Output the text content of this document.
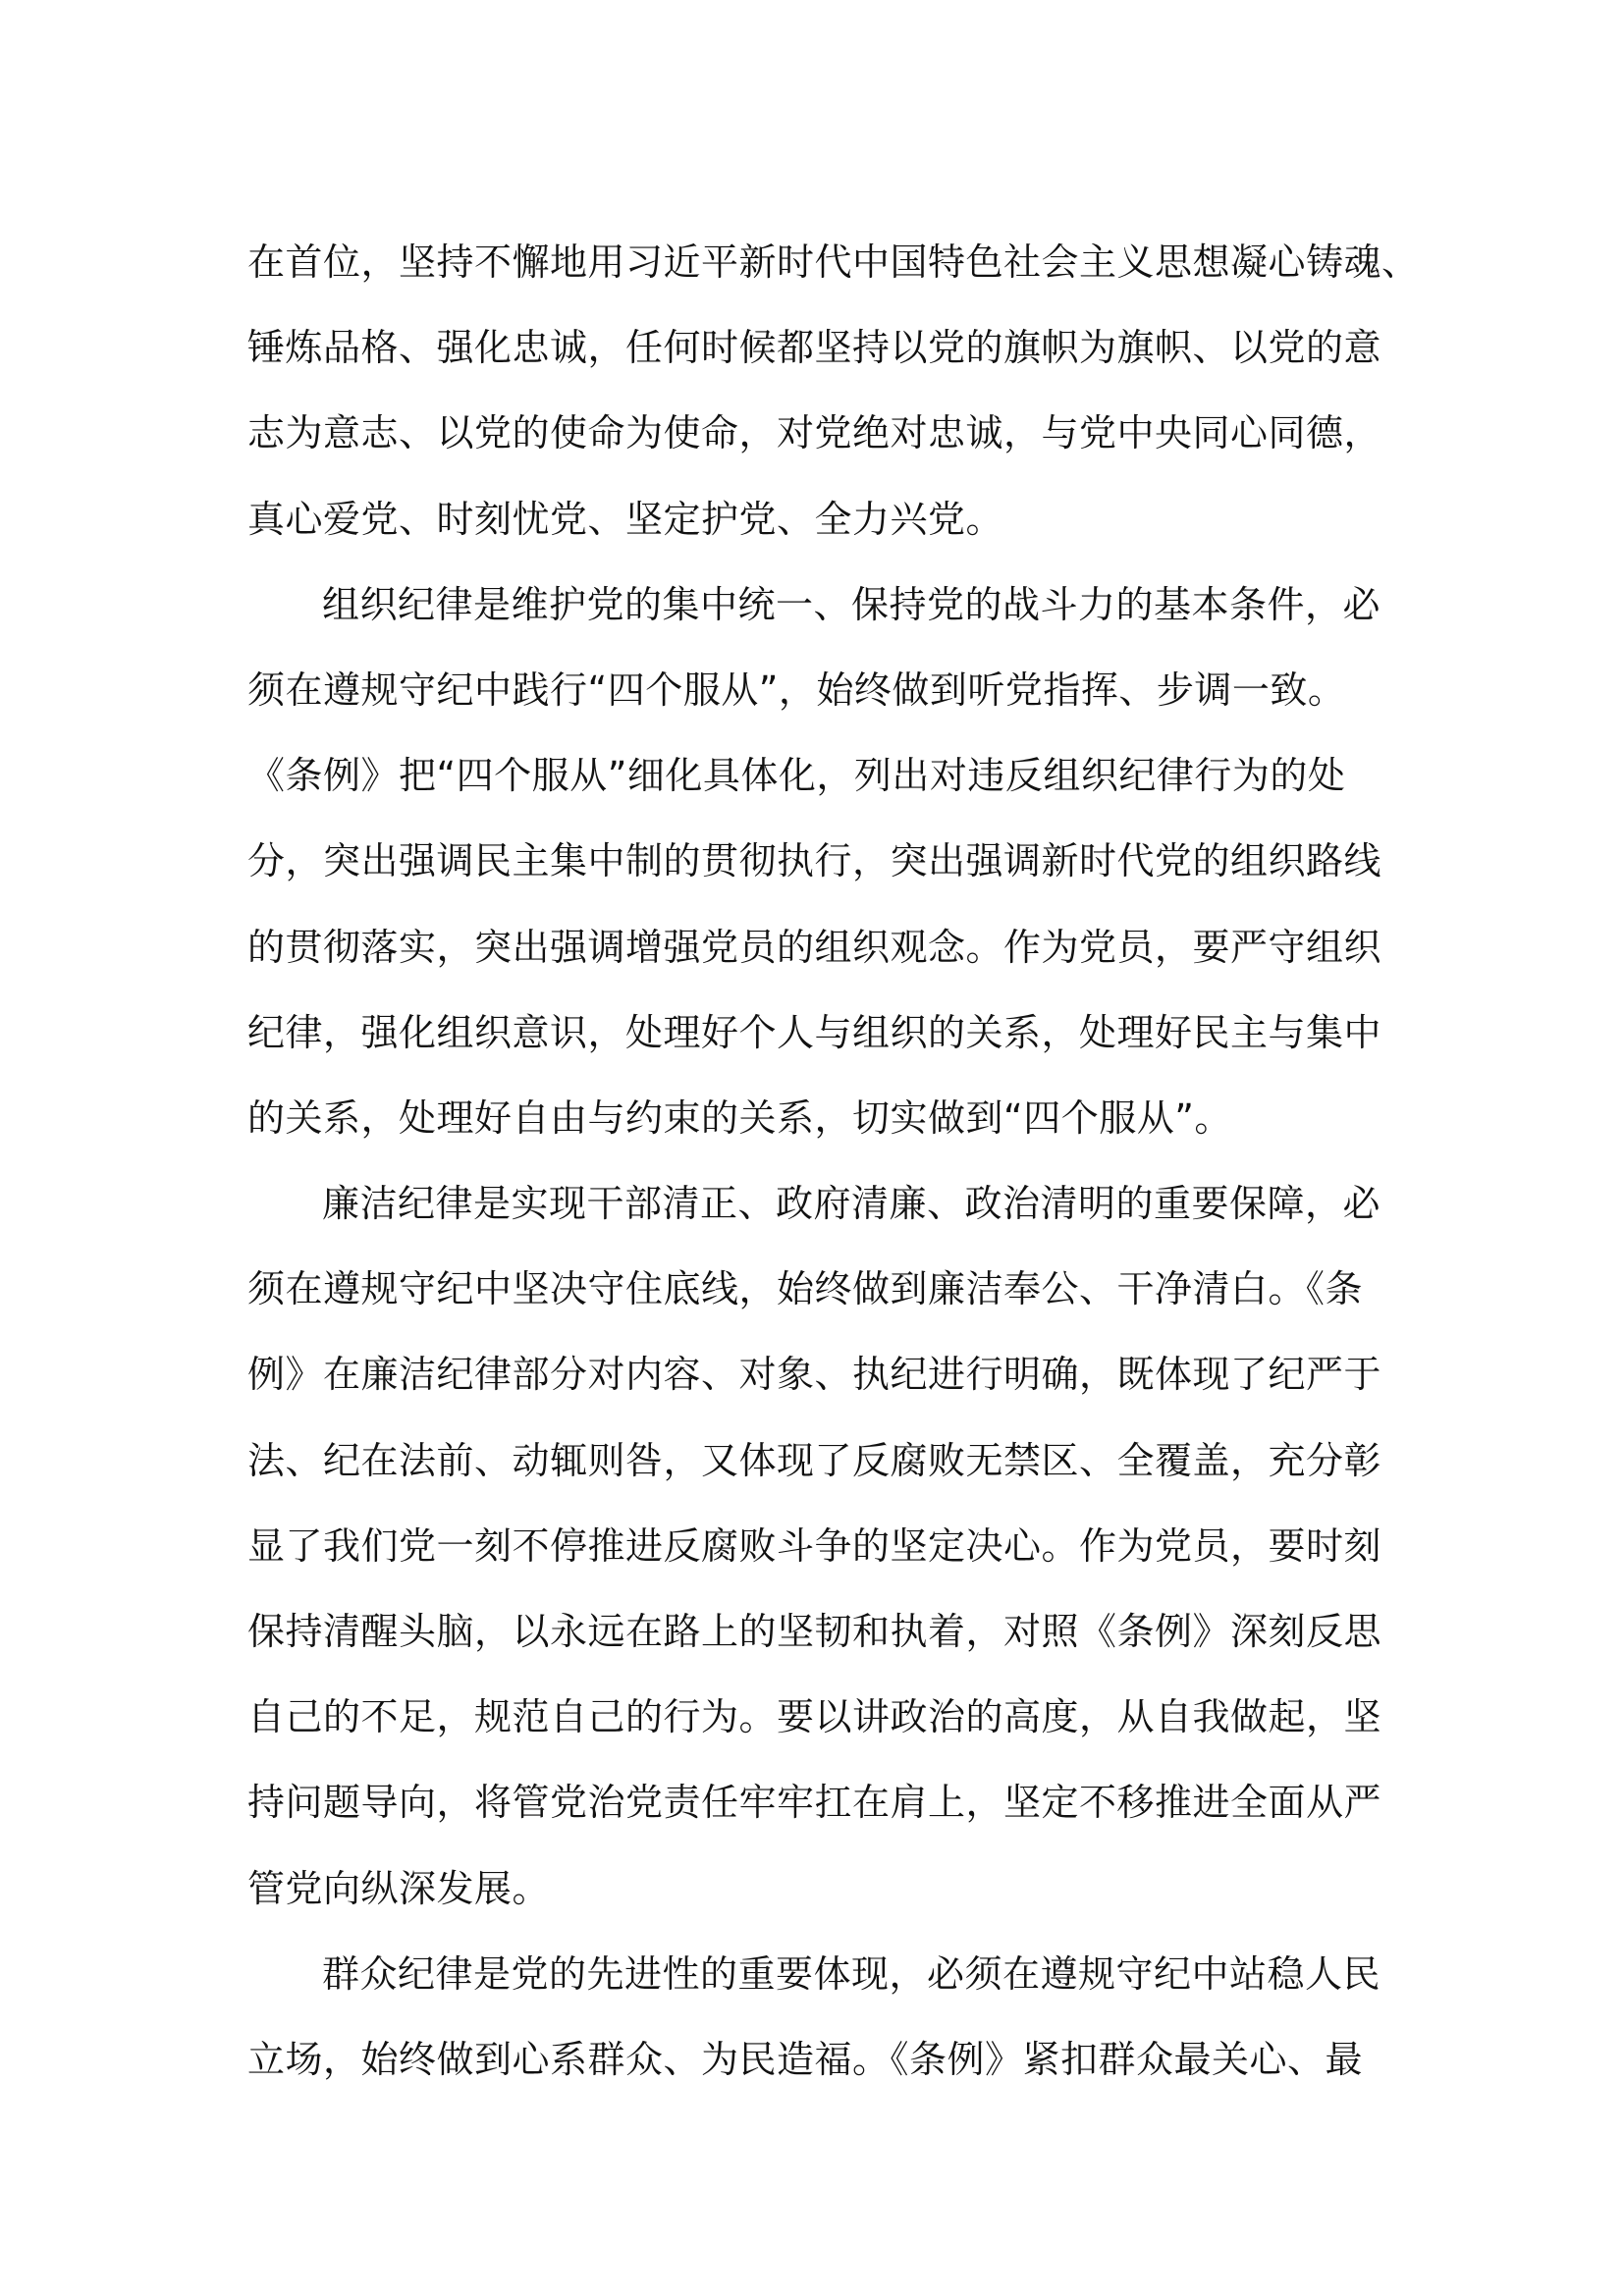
在首位，坚持不懈地用习近平新时代中国特色社会主义思想凝心铸魂、
锤炼品格、强化忠诚，任何时候都坚持以党的旗帜为旗帜、以党的意
志为意志、以党的使命为使命，对党绝对忠诚，与党中央同心同德，
真心爱党、时刻忧党、坚定护党、全力兴党。
组织纪律是维护党的集中统一、保持党的战斗力的基本条件，必
须在遵规守纪中践行“四个服从”，始终做到听党指挥、步调一致。
《条例》把“四个服从”细化具体化，列出对违反组织纪律行为的处
分，突出强调民主集中制的贯彻执行，突出强调新时代党的组织路线
的贯彻落实，突出强调增强党员的组织观念。作为党员，要严守组织
纪律，强化组织意识，处理好个人与组织的关系，处理好民主与集中
的关系，处理好自由与约束的关系，切实做到“四个服从”。
廉洁纪律是实现干部清正、政府清廉、政治清明的重要保障，必
须在遵规守纪中坚决守住底线，始终做到廉洁奉公、干净清白。《条
例》在廉洁纪律部分对内容、对象、执纪进行明确，既体现了纪严于
法、纪在法前、动辄则咎，又体现了反腐败无禁区、全覆盖，充分彰
显了我们党一刻不停推进反腐败斗争的坚定决心。作为党员，要时刻
保持清醒头脑，以永远在路上的坚韧和执着，对照《条例》深刻反思
自己的不足，规范自己的行为。要以讲政治的高度，从自我做起，坚
持问题导向，将管党治党责任牢牢扛在肩上，坚定不移推进全面从严
管党向纵深发展。
群众纪律是党的先进性的重要体现，必须在遵规守纪中站稳人民
立场，始终做到心系群众、为民造福。《条例》紧扣群众最关心、最
